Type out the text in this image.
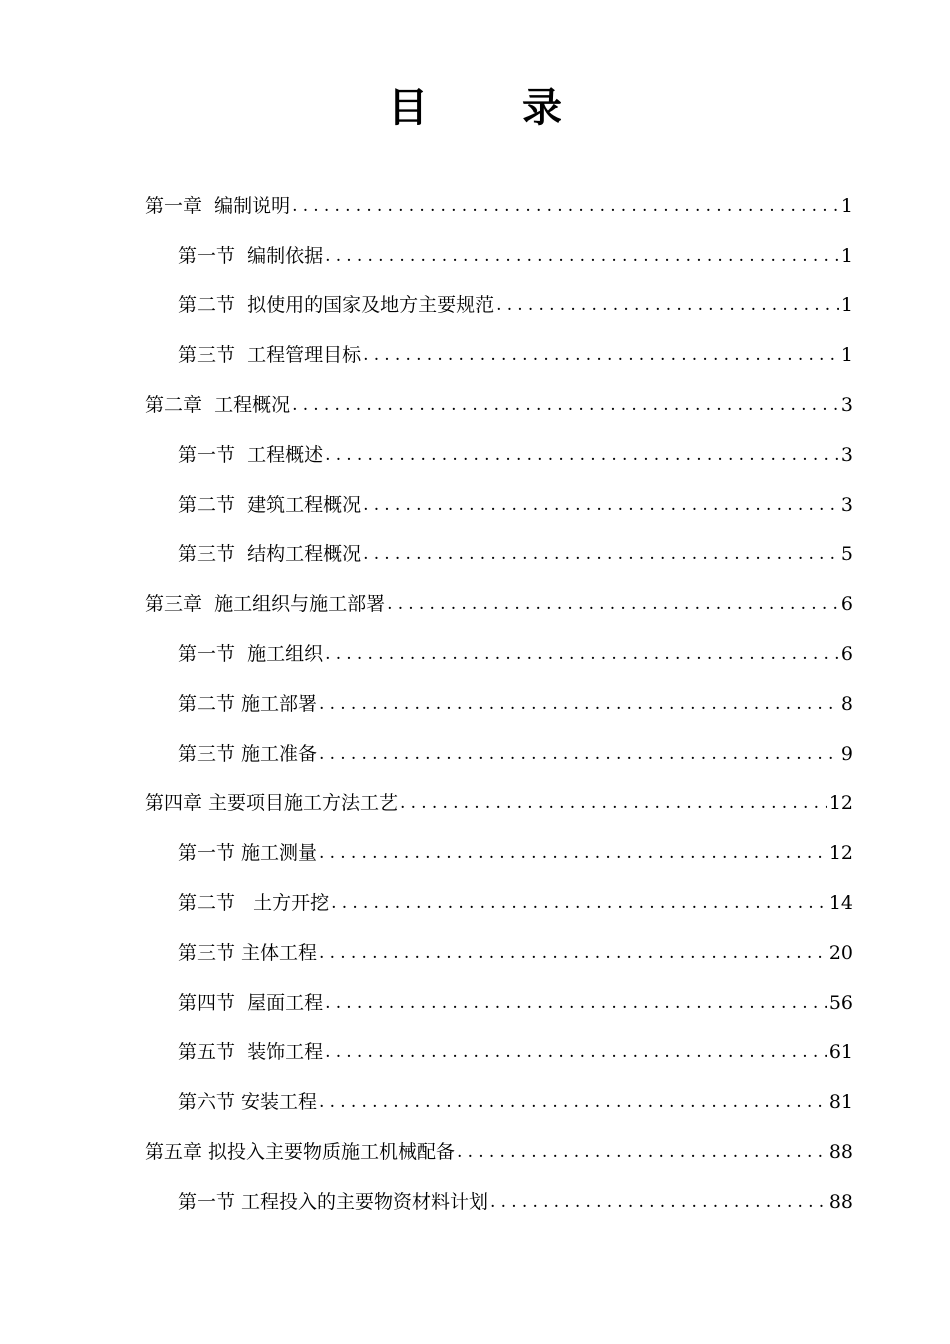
目 录
第一章  编制说明 .....	1
第一节  编制依据 .....	1
第二节  拟使用的国家及地方主要规范 .....	1
第三节  工程管理目标 .....	1
第二章  工程概况 .....	3
第一节  工程概述 .....	3
第二节  建筑工程概况 .....	3
第三节  结构工程概况 .....	5
第三章  施工组织与施工部署 .....	6
第一节  施工组织 .....	6
第二节 施工部署 .....	8
第三节 施工准备 .....	9
第四章 主要项目施工方法工艺 .....	12
第一节 施工测量 .....	12
第二节   土方开挖 .....	14
第三节 主体工程 .....	20
第四节  屋面工程 .....	56
第五节  装饰工程 .....	61
第六节 安装工程 .....	81
第五章 拟投入主要物质施工机械配备 .....	88
第一节 工程投入的主要物资材料计划 .....	88
